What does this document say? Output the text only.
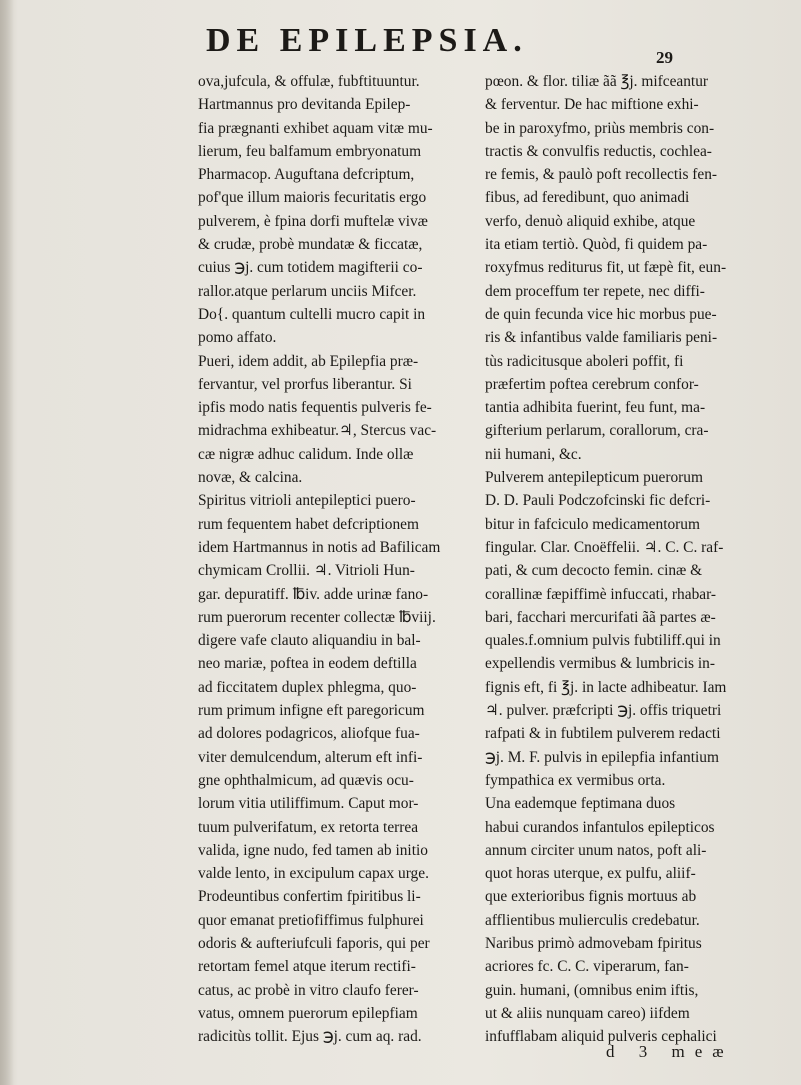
DE EPILEPSIA.	29
ova,jufcula, & offulæ, fubftituuntur.
Hartmannus pro devitanda Epilep-
fia prægnanti exhibet aquam vitæ mu-
lierum, feu balfamum embryonatum
Pharmacop. Auguftana defcriptum,
pof'que illum maioris fecuritatis ergo
pulverem, è fpina dorfi muftelæ vivæ
& crudæ, probè mundatæ & ficcatæ,
cuius ℈j. cum totidem magifterii co-
rallor.atque perlarum unciis Mifcer.
Do{. quantum cultelli mucro capit in
pomo affato.
Pueri, idem addit, ab Epilepfia præ-
fervantur, vel prorfus liberantur. Si
ipfis modo natis fequentis pulveris fe-
midrachma exhibeatur.♃, Stercus vac-
cæ nigræ adhuc calidum. Inde ollæ
novæ, & calcina.
Spiritus vitrioli antepileptici puero-
rum fequentem habet defcriptionem
idem Hartmannus in notis ad Bafilicam
chymicam Crollii. ♃. Vitrioli Hun-
gar. depuratiff. ℔iv. adde urinæ fano-
rum puerorum recenter collectæ ℔viij.
digere vafe clauto aliquandiu in bal-
neo mariæ, poftea in eodem deftilla
ad ficcitatem duplex phlegma, quo-
rum primum infigne eft paregoricum
ad dolores podagricos, aliofque fua-
viter demulcendum, alterum eft infi-
gne ophthalmicum, ad quævis ocu-
lorum vitia utiliffimum. Caput mor-
tuum pulverifatum, ex retorta terrea
valida, igne nudo, fed tamen ab initio
valde lento, in excipulum capax urge.
Prodeuntibus confertim fpiritibus li-
quor emanat pretiofiffimus fulphurei
odoris & aufteriufculi faporis, qui per
retortam femel atque iterum rectifi-
catus, ac probè in vitro claufo ferer-
vatus, omnem puerorum epilepfiam
radicitùs tollit. Ejus ℈j. cum aq. rad.
pœon. & flor. tiliæ ãã ℥j. mifceantur
& ferventur. De hac miftione exhi-
be in paroxyfmo, priùs membris con-
tractis & convulfis reductis, cochlea-
re femis, & paulò poft recollectis fen-
fibus, ad feredibunt, quo animadi
verfo, denuò aliquid exhibe, atque
ita etiam tertiò. Quòd, fi quidem pa-
roxyfmus rediturus fit, ut fæpè fit, eun-
dem proceffum ter repete, nec diffi-
de quin fecunda vice hic morbus pue-
ris & infantibus valde familiaris peni-
tùs radicitusque aboleri poffit, fi
præfertim poftea cerebrum confor-
tantia adhibita fuerint, feu funt, ma-
gifterium perlarum, corallorum, cra-
nii humani, &c.
Pulverem antepilepticum puerorum
D. D. Pauli Podczofcinski fic defcri-
bitur in fafciculo medicamentorum
fingular. Clar. Cnoëffelii. ♃. C. C. raf-
pati, & cum decocto femin. cinæ &
corallinæ fæpiffimè infuccati, rhabar-
bari, facchari mercurifati ãã partes æ-
quales.f.omnium pulvis fubtiliff.qui in
expellendis vermibus & lumbricis in-
fignis eft, fi ℥j. in lacte adhibeatur. Iam
♃. pulver. præfcripti ℈j. offis triquetri
rafpati & in fubtilem pulverem redacti
℈j. M. F. pulvis in epilepfia infantium
fympathica ex vermibus orta.
Una eademque feptimana duos
habui curandos infantulos epilepticos
annum circiter unum natos, poft ali-
quot horas uterque, ex pulfu, aliif-
que exterioribus fignis mortuus ab
afflientibus mulierculis credebatur.
Naribus primò admovebam fpiritus
acriores fc. C. C. viperarum, fan-
guin. humani, (omnibus enim iftis,
ut & aliis nunquam careo) iifdem
infufflabam aliquid pulveris cephalici
d 3 meæ
